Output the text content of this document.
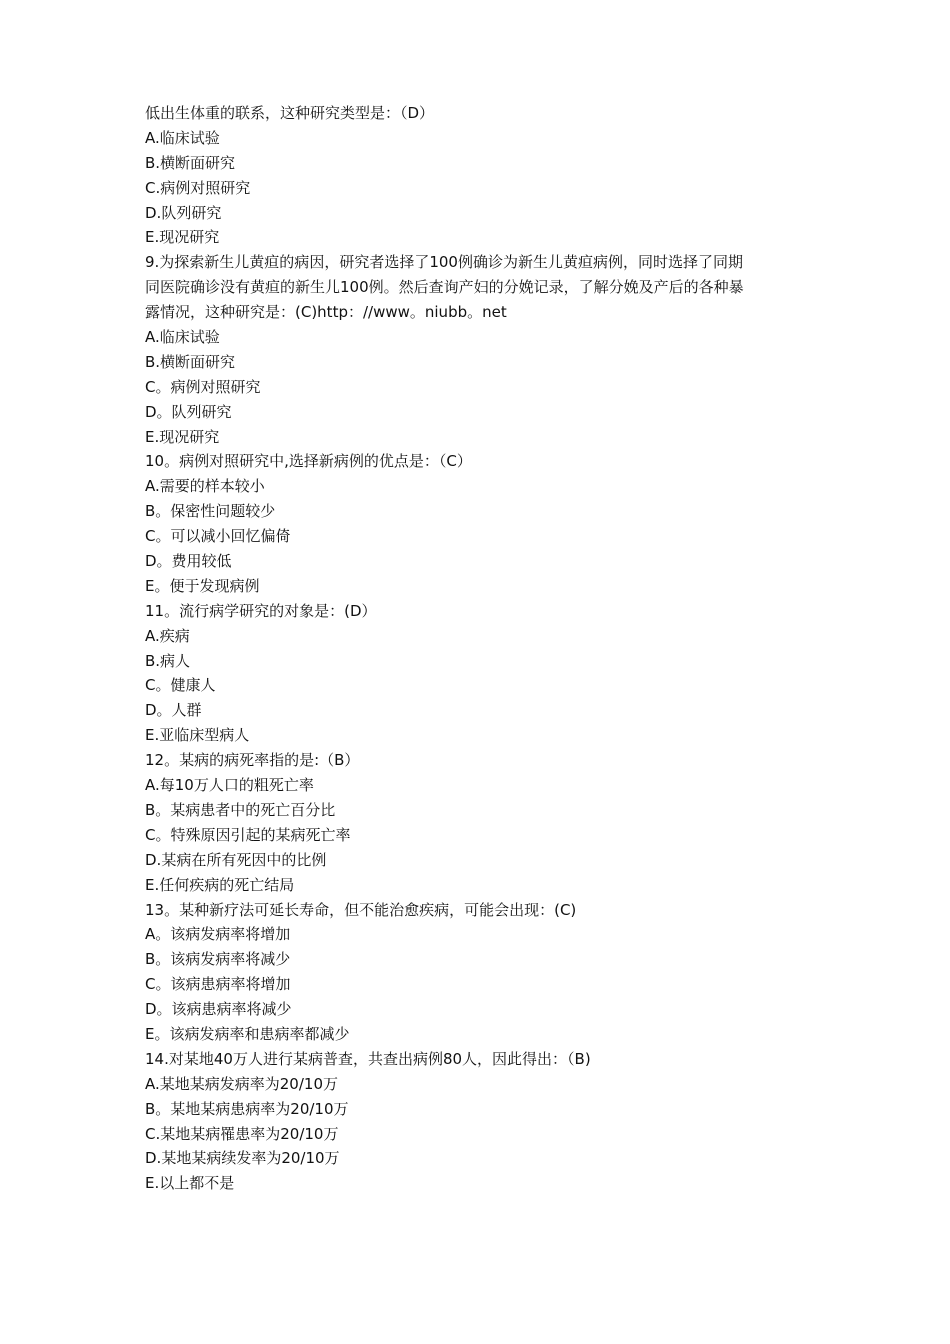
低出生体重的联系，这种研究类型是：（D）
A.临床试验
B.横断面研究
C.病例对照研究
D.队列研究
E.现况研究
9.为探索新生儿黄疸的病因，研究者选择了100例确诊为新生儿黄疸病例，同时选择了同期
同医院确诊没有黄疸的新生儿100例。然后查询产妇的分娩记录，了解分娩及产后的各种暴
露情况，这种研究是：(C)http：//www。niubb。net
A.临床试验
B.横断面研究
C。病例对照研究
D。队列研究
E.现况研究
10。病例对照研究中,选择新病例的优点是：（C）
A.需要的样本较小
B。保密性问题较少
C。可以减小回忆偏倚
D。费用较低
E。便于发现病例
11。流行病学研究的对象是：(D）
A.疾病
B.病人
C。健康人
D。人群
E.亚临床型病人
12。某病的病死率指的是:（B）
A.每10万人口的粗死亡率
B。某病患者中的死亡百分比
C。特殊原因引起的某病死亡率
D.某病在所有死因中的比例
E.任何疾病的死亡结局
13。某种新疗法可延长寿命，但不能治愈疾病，可能会出现：(C)
A。该病发病率将增加
B。该病发病率将减少
C。该病患病率将增加
D。该病患病率将减少
E。该病发病率和患病率都减少
14.对某地40万人进行某病普查，共查出病例80人，因此得出：（B)
A.某地某病发病率为20/10万
B。某地某病患病率为20/10万
C.某地某病罹患率为20/10万
D.某地某病续发率为20/10万
E.以上都不是
